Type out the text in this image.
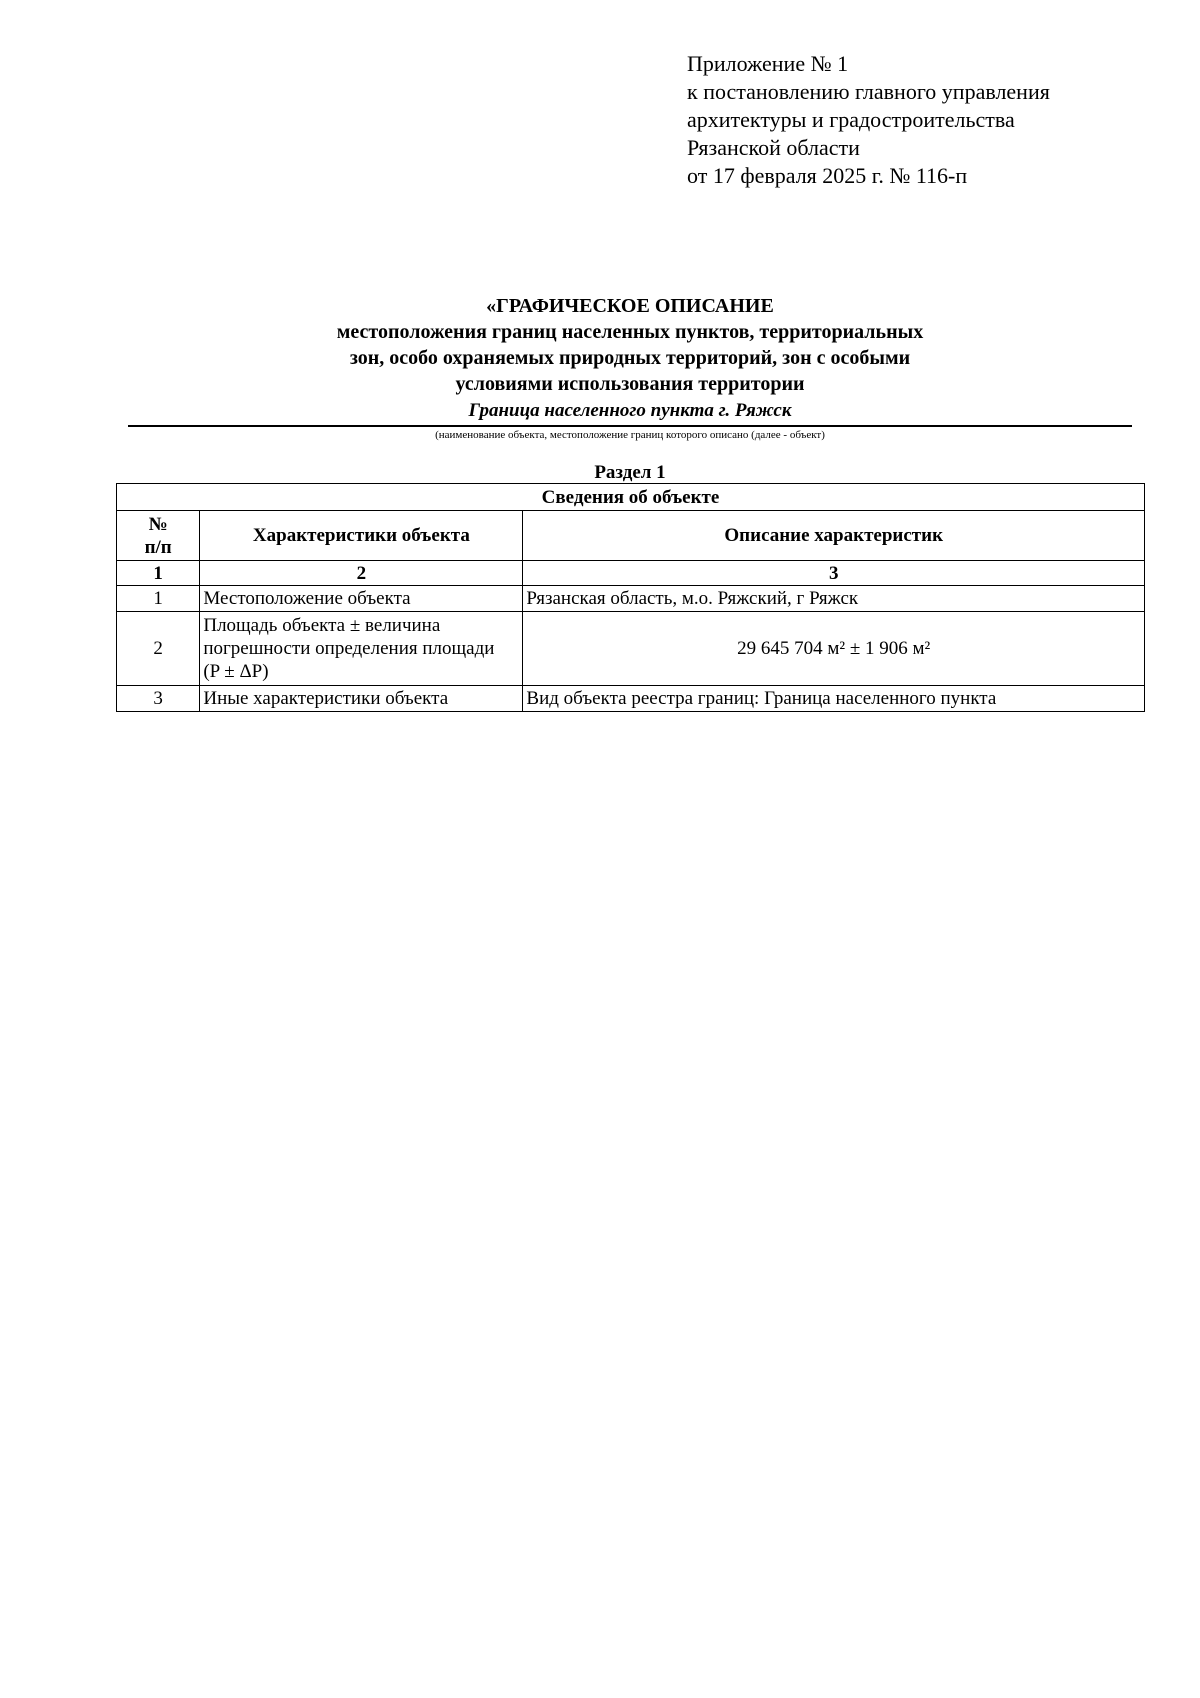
Приложение № 1
к постановлению главного управления
архитектуры и градостроительства
Рязанской области
от 17 февраля 2025 г. № 116-п
«ГРАФИЧЕСКОЕ ОПИСАНИЕ
местоположения границ населенных пунктов, территориальных
зон, особо охраняемых природных территорий, зон с особыми
условиями использования территории
Граница населенного пункта г. Ряжск
(наименование объекта, местоположение границ которого описано (далее - объект)
Раздел 1
Сведения об объекте		

№
п/п	Характеристики объекта	Описание характеристик
1	2	3
1	Местоположение объекта	Рязанская область, м.о. Ряжский, г Ряжск
2	Площадь объекта ± величина
погрешности определения площади
(P ± ΔP)	29 645 704 м² ± 1 906 м²
3	Иные характеристики объекта	Вид объекта реестра границ: Граница населенного пункта
